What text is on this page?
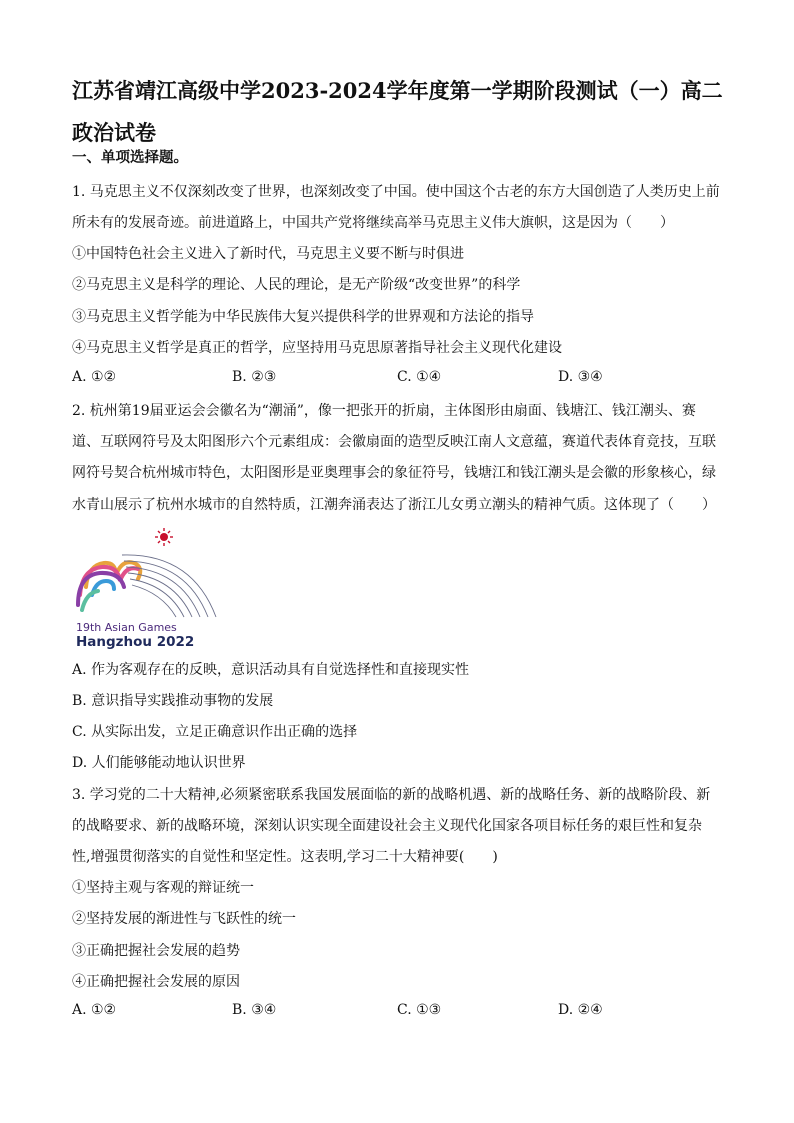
江苏省靖江高级中学2023-2024学年度第一学期阶段测试（一）高二政治试卷
一、单项选择题。
1. 马克思主义不仅深刻改变了世界，也深刻改变了中国。使中国这个古老的东方大国创造了人类历史上前
所未有的发展奇迹。前进道路上，中国共产党将继续高举马克思主义伟大旗帜，这是因为（　　）
①中国特色社会主义进入了新时代，马克思主义要不断与时俱进
②马克思主义是科学的理论、人民的理论，是无产阶级“改变世界”的科学
③马克思主义哲学能为中华民族伟大复兴提供科学的世界观和方法论的指导
④马克思主义哲学是真正的哲学，应坚持用马克思原著指导社会主义现代化建设
A. ①②	B. ②③	C. ①④	D. ③④
2. 杭州第19届亚运会会徽名为“潮涌”，像一把张开的折扇，主体图形由扇面、钱塘江、钱江潮头、赛
道、互联网符号及太阳图形六个元素组成：会徽扇面的造型反映江南人文意蕴，赛道代表体育竞技，互联
网符号契合杭州城市特色，太阳图形是亚奥理事会的象征符号，钱塘江和钱江潮头是会徽的形象核心，绿
水青山展示了杭州水城市的自然特质，江潮奔涌表达了浙江儿女勇立潮头的精神气质。这体现了（　　）
19th Asian Games
Hangzhou 2022
A. 作为客观存在的反映，意识活动具有自觉选择性和直接现实性
B. 意识指导实践推动事物的发展
C. 从实际出发，立足正确意识作出正确的选择
D. 人们能够能动地认识世界
3. 学习党的二十大精神,必须紧密联系我国发展面临的新的战略机遇、新的战略任务、新的战略阶段、新
的战略要求、新的战略环境，深刻认识实现全面建设社会主义现代化国家各项目标任务的艰巨性和复杂
性,增强贯彻落实的自觉性和坚定性。这表明,学习二十大精神要(　　)
①坚持主观与客观的辩证统一
②坚持发展的渐进性与飞跃性的统一
③正确把握社会发展的趋势
④正确把握社会发展的原因
A. ①②	B. ③④	C. ①③	D. ②④
